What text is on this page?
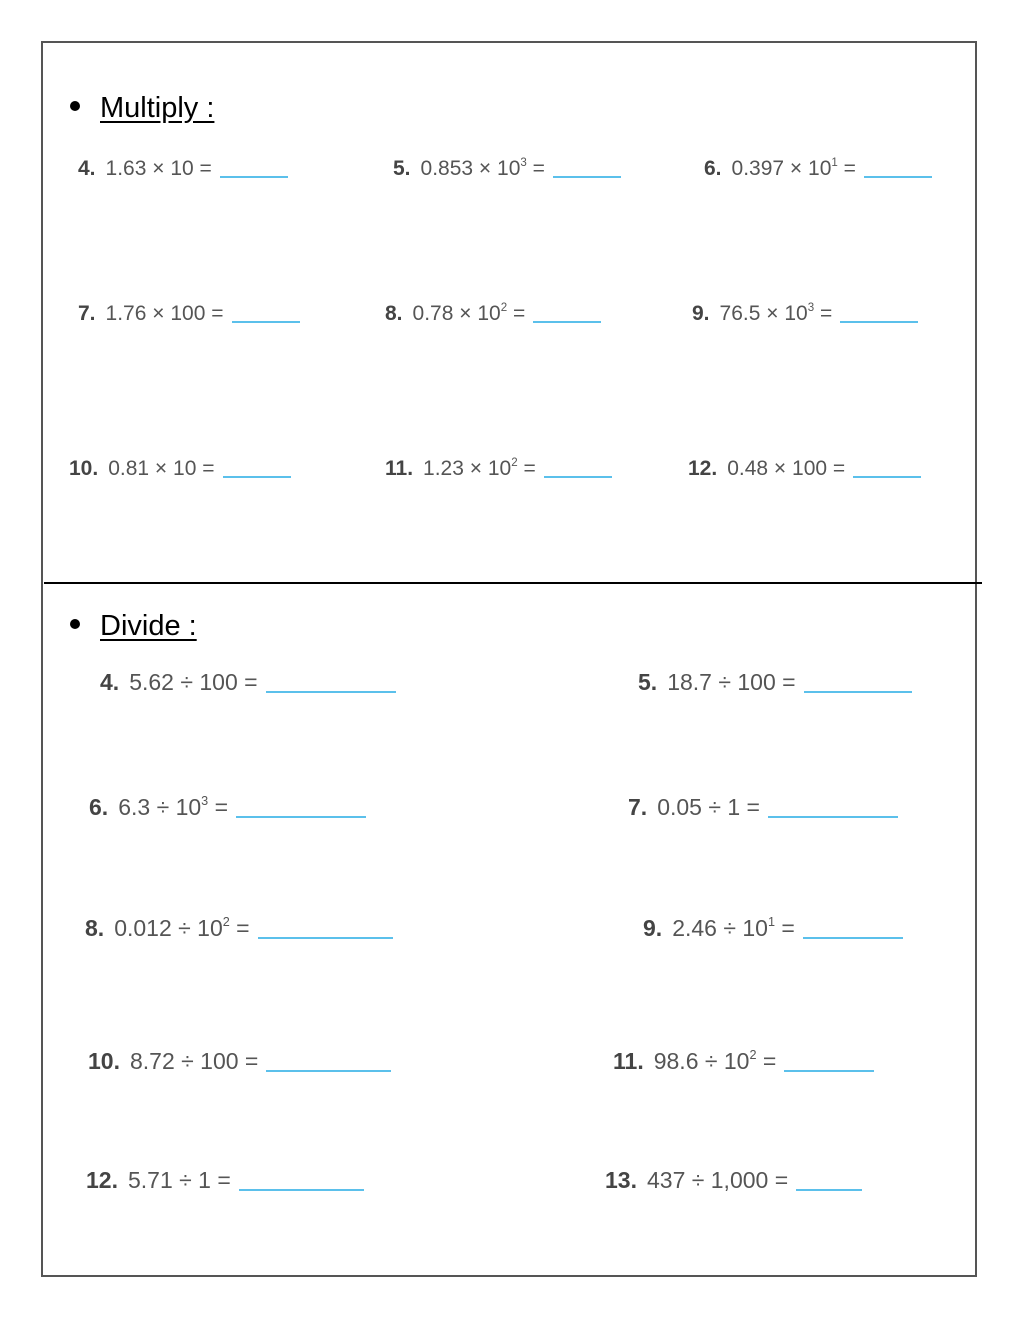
Multiply :
4. 1.63 × 10 =	5. $0.853 \times 10^3$ =	6. $0.397 \times 10^1$ =
7. 1.76 × 100 =	8. $0.78 \times 10^2$ =	9. $76.5 \times 10^3$ =
10. 0.81 × 10 =	11. $1.23 \times 10^2$ =	12. 0.48 × 100 =
Divide :
4. 5.62 ÷ 100 =	5. 18.7 ÷ 100 =
6. $6.3 \div 10^3$ =	7. 0.05 ÷ 1 =
8. $0.012 \div 10^2$ =	9. $2.46 \div 10^1$ =
10. 8.72 ÷ 100 =	11. $98.6 \div 10^2$ =
12. 5.71 ÷ 1 =	13. 437 ÷ 1,000 =
